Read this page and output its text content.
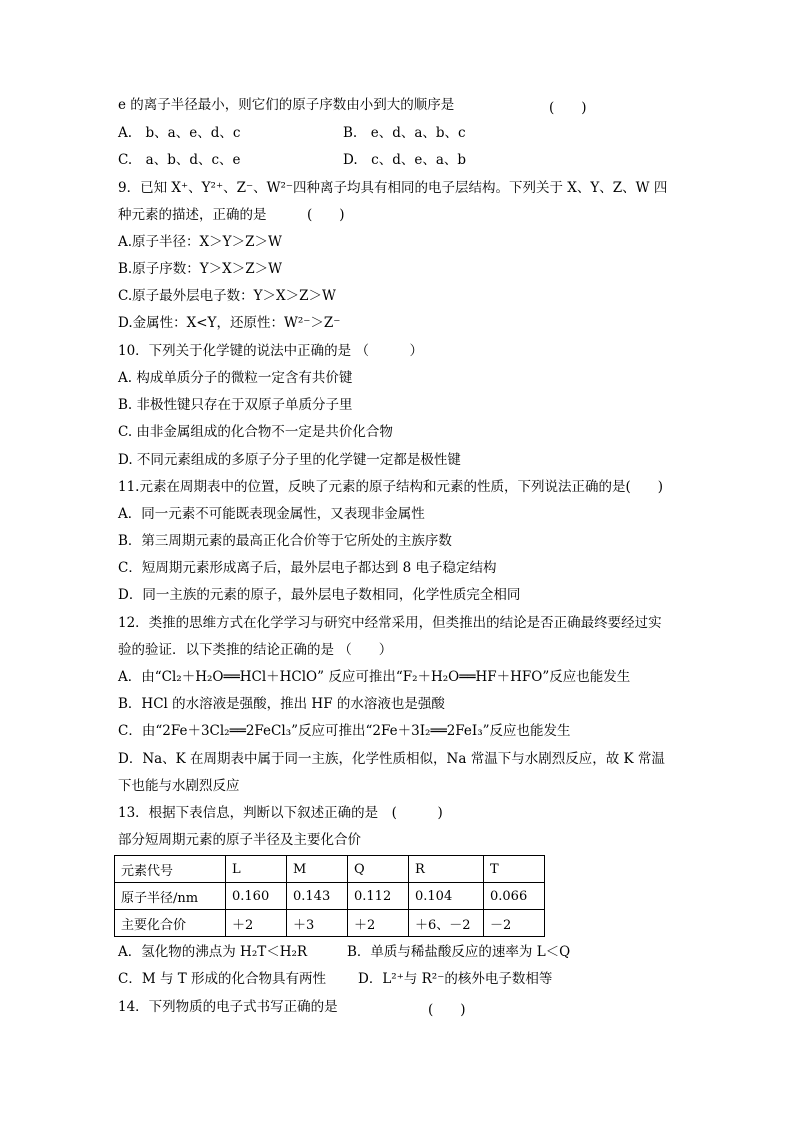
e 的离子半径最小，则它们的原子序数由小到大的顺序是	(　　)
A.　b、a、e、d、c	B.　e、d、a、b、c
C.　a、b、d、c、e	D.　c、d、e、a、b
9．已知 X⁺、Y²⁺、Z⁻、W²⁻四种离子均具有相同的电子层结构。下列关于 X、Y、Z、W 四
种元素的描述，正确的是　　　(　　)
A.原子半径：X＞Y＞Z＞W
B.原子序数：Y＞X＞Z＞W
C.原子最外层电子数：Y＞X＞Z＞W
D.金属性：X<Y，还原性：W²⁻＞Z⁻
10．下列关于化学键的说法中正确的是 （　　　）
A. 构成单质分子的微粒一定含有共价键
B. 非极性键只存在于双原子单质分子里
C. 由非金属组成的化合物不一定是共价化合物
D. 不同元素组成的多原子分子里的化学键一定都是极性键
11.元素在周期表中的位置，反映了元素的原子结构和元素的性质，下列说法正确的是(　　)
A．同一元素不可能既表现金属性，又表现非金属性
B．第三周期元素的最高正化合价等于它所处的主族序数
C．短周期元素形成离子后，最外层电子都达到 8 电子稳定结构
D．同一主族的元素的原子，最外层电子数相同，化学性质完全相同
12．类推的思维方式在化学学习与研究中经常采用，但类推出的结论是否正确最终要经过实
验的验证．以下类推的结论正确的是 （　　）
A．由“Cl₂＋H₂O══HCl＋HClO” 反应可推出“F₂＋H₂O══HF＋HFO”反应也能发生
B．HCl 的水溶液是强酸，推出 HF 的水溶液也是强酸
C．由“2Fe＋3Cl₂══2FeCl₃”反应可推出“2Fe＋3I₂══2FeI₃”反应也能发生
D．Na、K 在周期表中属于同一主族，化学性质相似，Na 常温下与水剧烈反应，故 K 常温
下也能与水剧烈反应
13．根据下表信息，判断以下叙述正确的是　(　　　)
部分短周期元素的原子半径及主要化合价
元素代号	L	M	Q	R	T
原子半径/nm	0.160	0.143	0.112	0.104	0.066
主要化合价	＋2	＋3	＋2	＋6、－2	－2
A．氢化物的沸点为 H₂T＜H₂R	B．单质与稀盐酸反应的速率为 L＜Q
C．M 与 T 形成的化合物具有两性 D．L²⁺与 R²⁻的核外电子数相等
14．下列物质的电子式书写正确的是	(　　)
